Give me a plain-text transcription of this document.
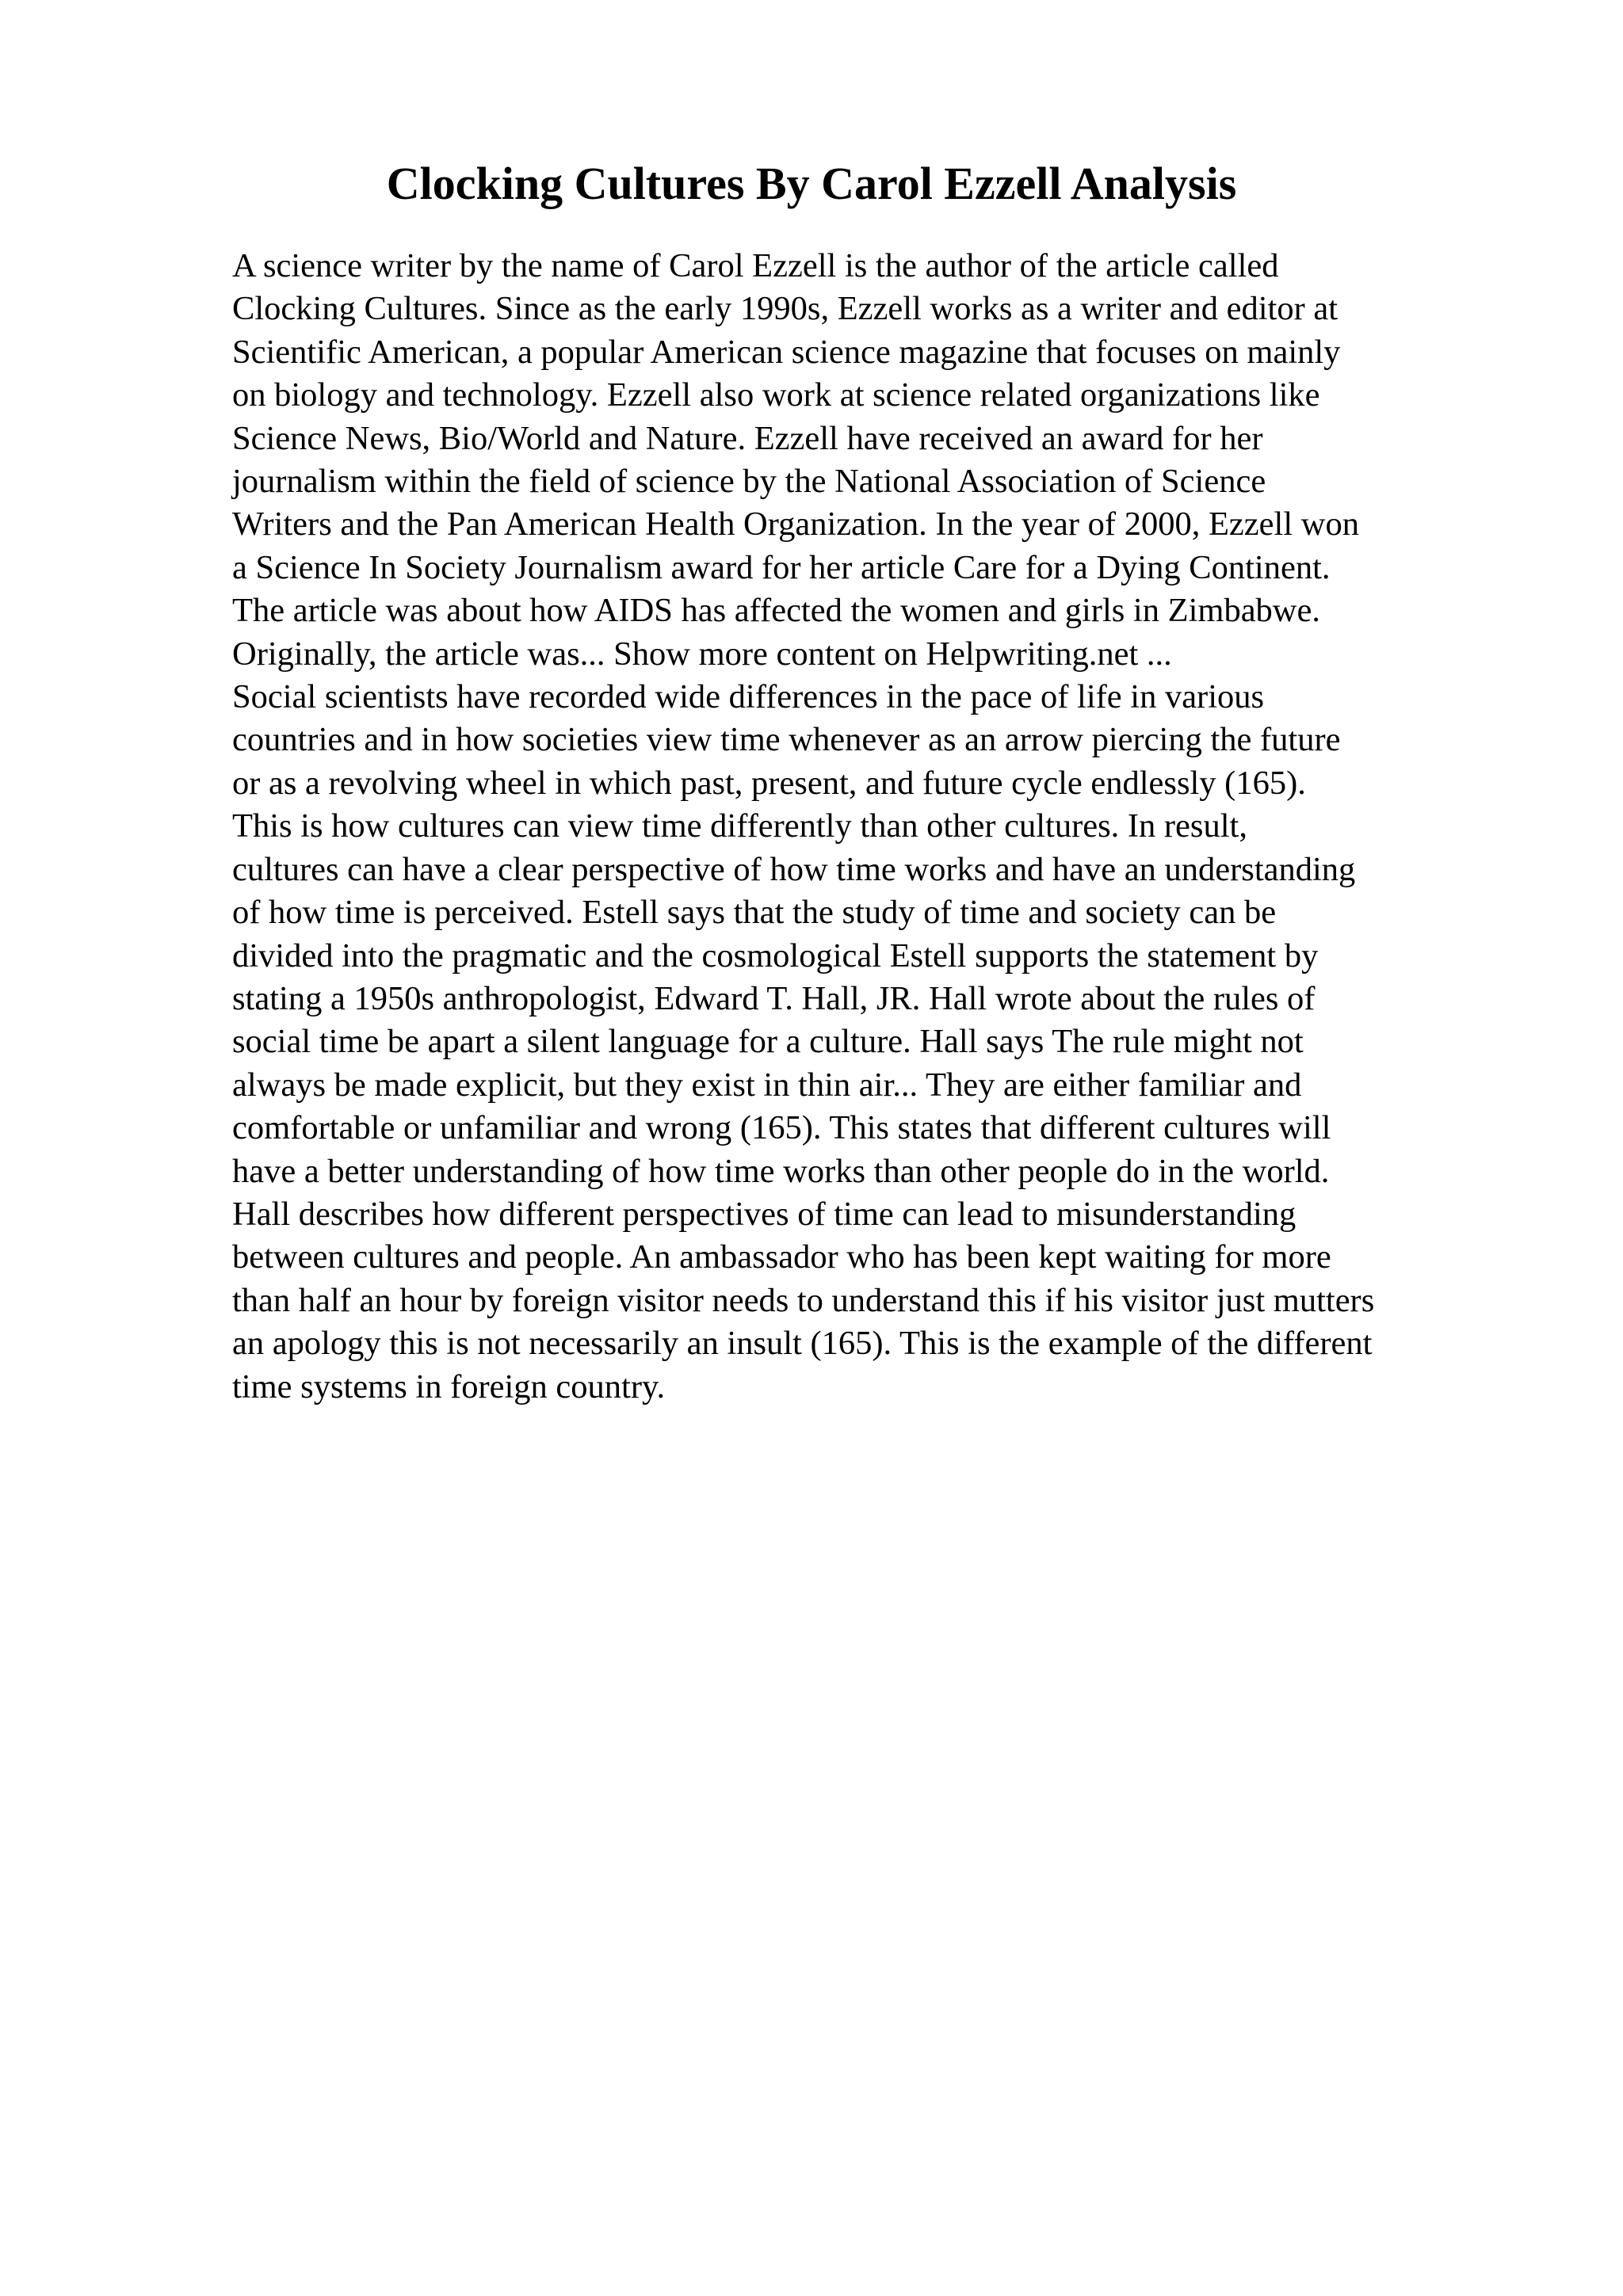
Clocking Cultures By Carol Ezzell Analysis
A science writer by the name of Carol Ezzell is the author of the article called
Clocking Cultures. Since as the early 1990s, Ezzell works as a writer and editor at
Scientific American, a popular American science magazine that focuses on mainly
on biology and technology. Ezzell also work at science related organizations like
Science News, Bio/World and Nature. Ezzell have received an award for her
journalism within the field of science by the National Association of Science
Writers and the Pan American Health Organization. In the year of 2000, Ezzell won
a Science In Society Journalism award for her article Care for a Dying Continent.
The article was about how AIDS has affected the women and girls in Zimbabwe.
Originally, the article was... Show more content on Helpwriting.net ...
Social scientists have recorded wide differences in the pace of life in various
countries and in how societies view time whenever as an arrow piercing the future
or as a revolving wheel in which past, present, and future cycle endlessly (165).
This is how cultures can view time differently than other cultures. In result,
cultures can have a clear perspective of how time works and have an understanding
of how time is perceived. Estell says that the study of time and society can be
divided into the pragmatic and the cosmological Estell supports the statement by
stating a 1950s anthropologist, Edward T. Hall, JR. Hall wrote about the rules of
social time be apart a silent language for a culture. Hall says The rule might not
always be made explicit, but they exist in thin air... They are either familiar and
comfortable or unfamiliar and wrong (165). This states that different cultures will
have a better understanding of how time works than other people do in the world.
Hall describes how different perspectives of time can lead to misunderstanding
between cultures and people. An ambassador who has been kept waiting for more
than half an hour by foreign visitor needs to understand this if his visitor just mutters
an apology this is not necessarily an insult (165). This is the example of the different
time systems in foreign country.
